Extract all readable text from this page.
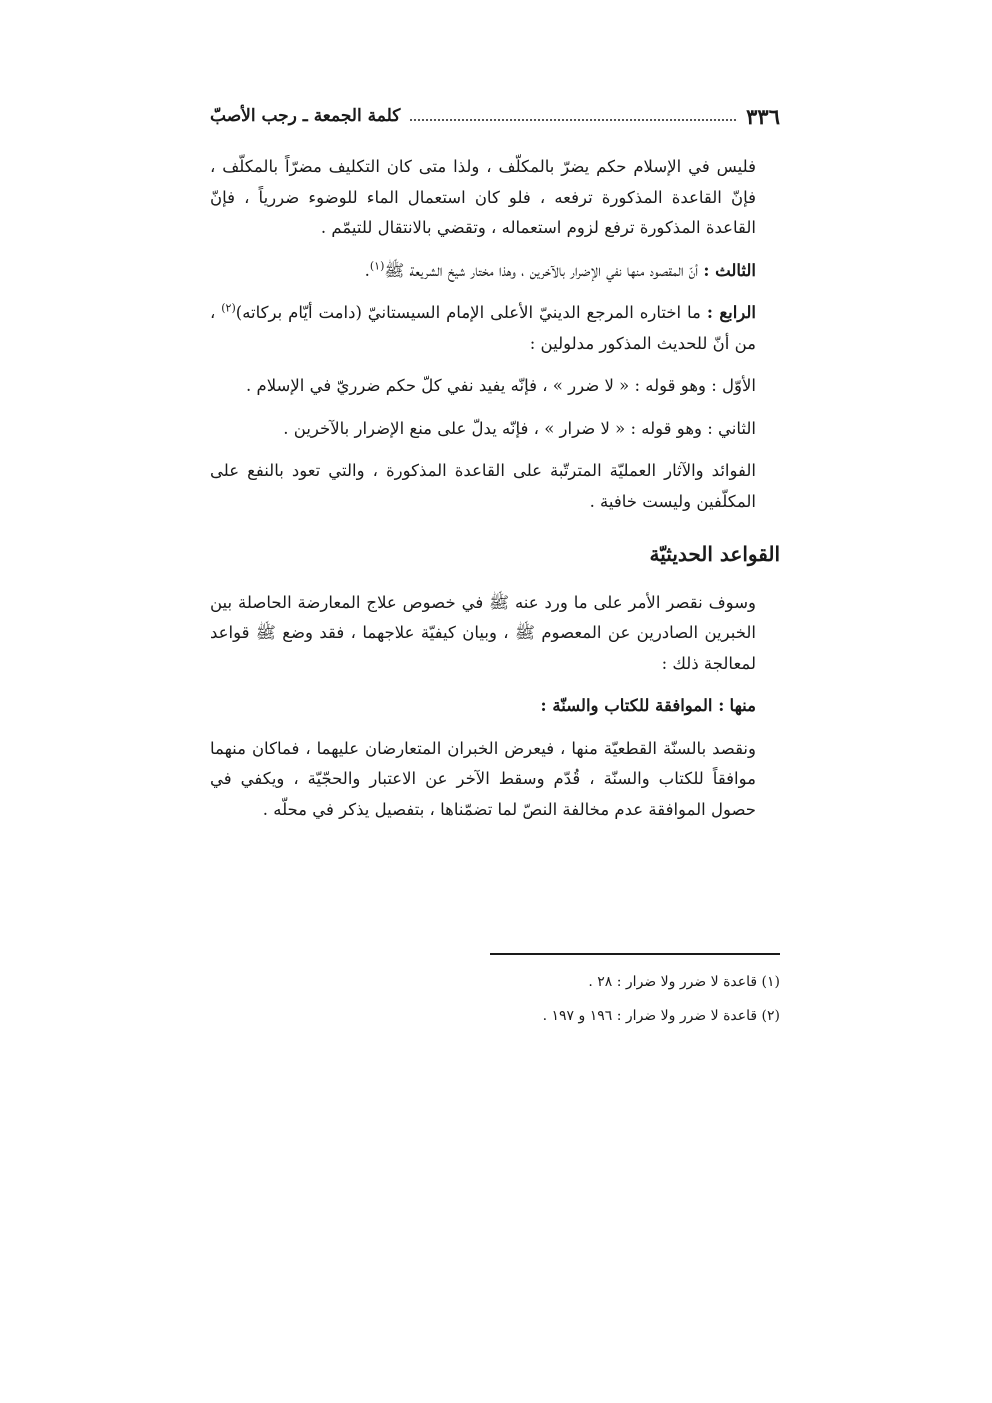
٣٣٦
كلمة الجمعة ـ رجب الأصبّ

فليس في الإسلام حكم يضرّ بالمكلّف ، ولذا متى كان التكليف مضرّاً بالمكلّف ، فإنّ القاعدة المذكورة ترفعه ، فلو كان استعمال الماء للوضوء ضررياً ، فإنّ القاعدة المذكورة ترفع لزوم استعماله ، وتقضي بالانتقال للتيمّم .

الثالث : أنّ المقصود منها نفي الإضرار بالآخرين ، وهذا مختار شيخ الشريعة ﷺ$^{(١)}$.

الرابع : ما اختاره المرجع الدينيّ الأعلى الإمام السيستانيّ (دامت أيّام بركاته)$^{(٢)}$ ، من أنّ للحديث المذكور مدلولين :

الأوّل : وهو قوله : « لا ضرر » ، فإنّه يفيد نفي كلّ حكم ضرريّ في الإسلام .

الثاني : وهو قوله : « لا ضرار » ، فإنّه يدلّ على منع الإضرار بالآخرين .

الفوائد والآثار العمليّة المترتّبة على القاعدة المذكورة ، والتي تعود بالنفع على المكلّفين وليست خافية .

القواعد الحديثيّة

وسوف نقصر الأمر على ما ورد عنه ﷺ في خصوص علاج المعارضة الحاصلة بين الخبرين الصادرين عن المعصوم ﷺ ، وبيان كيفيّة علاجهما ، فقد وضع ﷺ قواعد لمعالجة ذلك :

منها : الموافقة للكتاب والسنّة :

ونقصد بالسنّة القطعيّة منها ، فيعرض الخبران المتعارضان عليهما ، فماكان منهما موافقاً للكتاب والسنّة ، قُدّم وسقط الآخر عن الاعتبار والحجّيّة ، ويكفي في حصول الموافقة عدم مخالفة النصّ لما تضمّناها ، بتفصيل يذكر في محلّه .

(١) قاعدة لا ضرر ولا ضرار : ٢٨ .
(٢) قاعدة لا ضرر ولا ضرار : ١٩٦ و ١٩٧ .
